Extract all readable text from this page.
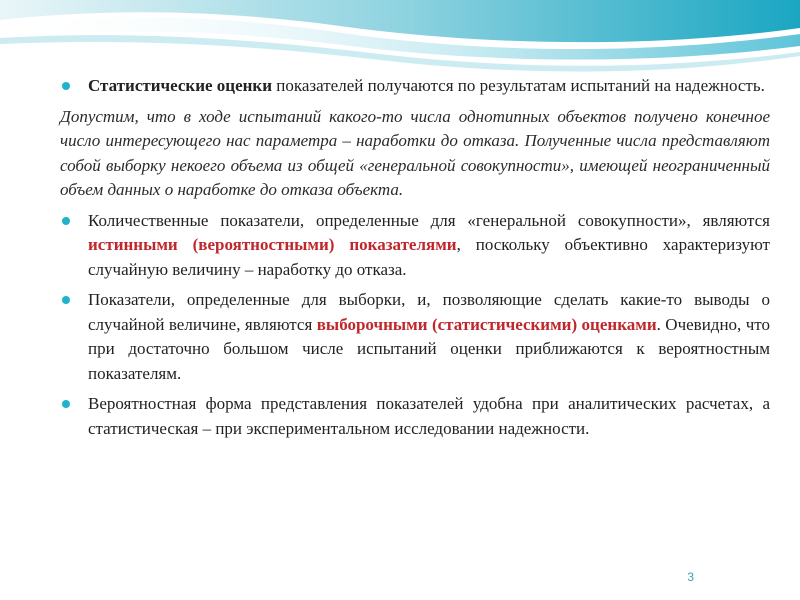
Статистические оценки показателей получаются по результатам испытаний на надежность.

Допустим, что в ходе испытаний какого-то числа однотипных объектов получено конечное число интересующего нас параметра – наработки до отказа. Полученные числа представляют собой выборку некоего объема из общей «генеральной совокупности», имеющей неограниченный объем данных о наработке до отказа объекта.

Количественные показатели, определенные для «генеральной совокупности», являются истинными (вероятностными) показателями, поскольку объективно характеризуют случайную величину – наработку до отказа.

Показатели, определенные для выборки, и, позволяющие сделать какие-то выводы о случайной величине, являются выборочными (статистическими) оценками. Очевидно, что при достаточно большом числе испытаний оценки приближаются к вероятностным показателям.

Вероятностная форма представления показателей удобна при аналитических расчетах, а статистическая – при экспериментальном исследовании надежности.

3
